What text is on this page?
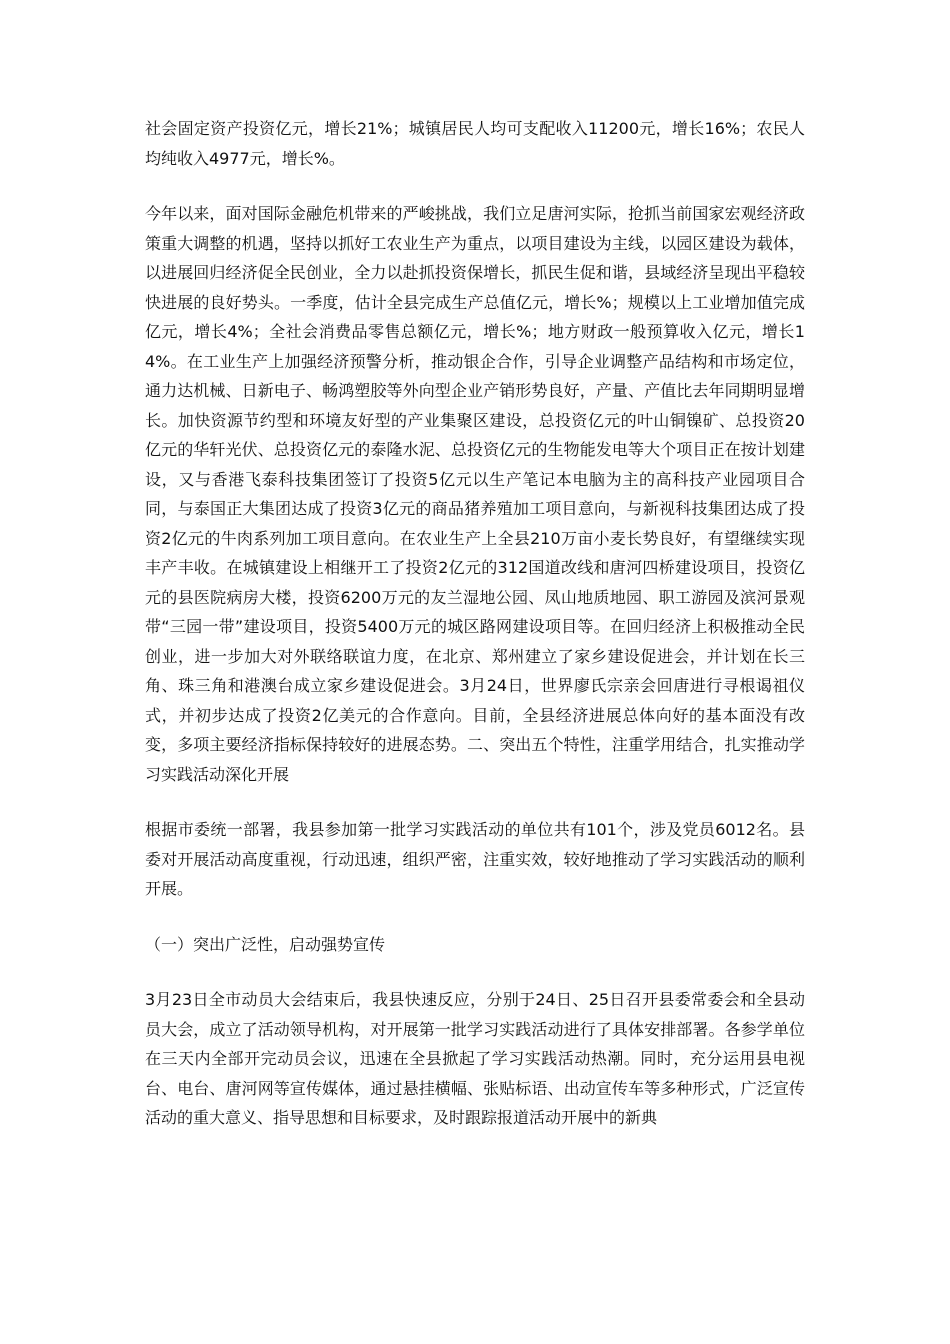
社会固定资产投资亿元，增长21%；城镇居民人均可支配收入11200元，增长16%；农民人均纯收入4977元，增长%。

今年以来，面对国际金融危机带来的严峻挑战，我们立足唐河实际，抢抓当前国家宏观经济政策重大调整的机遇，坚持以抓好工农业生产为重点，以项目建设为主线，以园区建设为载体，以进展回归经济促全民创业，全力以赴抓投资保增长，抓民生促和谐，县域经济呈现出平稳较快进展的良好势头。一季度，估计全县完成生产总值亿元，增长%；规模以上工业增加值完成亿元，增长4%；全社会消费品零售总额亿元，增长%；地方财政一般预算收入亿元，增长14%。在工业生产上加强经济预警分析，推动银企合作，引导企业调整产品结构和市场定位，通力达机械、日新电子、畅鸿塑胶等外向型企业产销形势良好，产量、产值比去年同期明显增长。加快资源节约型和环境友好型的产业集聚区建设，总投资亿元的叶山铜镍矿、总投资20亿元的华轩光伏、总投资亿元的泰隆水泥、总投资亿元的生物能发电等大个项目正在按计划建设，又与香港飞泰科技集团签订了投资5亿元以生产笔记本电脑为主的高科技产业园项目合同，与泰国正大集团达成了投资3亿元的商品猪养殖加工项目意向，与新视科技集团达成了投资2亿元的牛肉系列加工项目意向。在农业生产上全县210万亩小麦长势良好，有望继续实现丰产丰收。在城镇建设上相继开工了投资2亿元的312国道改线和唐河四桥建设项目，投资亿元的县医院病房大楼，投资6200万元的友兰湿地公园、凤山地质地园、职工游园及滨河景观带“三园一带”建设项目，投资5400万元的城区路网建设项目等。在回归经济上积极推动全民创业，进一步加大对外联络联谊力度，在北京、郑州建立了家乡建设促进会，并计划在长三角、珠三角和港澳台成立家乡建设促进会。3月24日，世界廖氏宗亲会回唐进行寻根谒祖仪式，并初步达成了投资2亿美元的合作意向。目前，全县经济进展总体向好的基本面没有改变，多项主要经济指标保持较好的进展态势。二、突出五个特性，注重学用结合，扎实推动学习实践活动深化开展

根据市委统一部署，我县参加第一批学习实践活动的单位共有101个，涉及党员6012名。县委对开展活动高度重视，行动迅速，组织严密，注重实效，较好地推动了学习实践活动的顺利开展。

（一）突出广泛性，启动强势宣传

3月23日全市动员大会结束后，我县快速反应，分别于24日、25日召开县委常委会和全县动员大会，成立了活动领导机构，对开展第一批学习实践活动进行了具体安排部署。各参学单位在三天内全部开完动员会议，迅速在全县掀起了学习实践活动热潮。同时，充分运用县电视台、电台、唐河网等宣传媒体，通过悬挂横幅、张贴标语、出动宣传车等多种形式，广泛宣传活动的重大意义、指导思想和目标要求，及时跟踪报道活动开展中的新典
